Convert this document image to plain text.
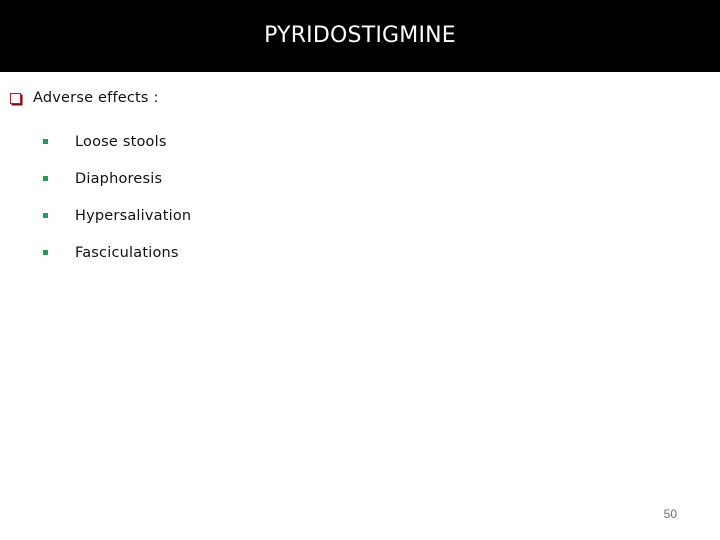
PYRIDOSTIGMINE
Adverse effects :
Loose stools
Diaphoresis
Hypersalivation
Fasciculations
50
